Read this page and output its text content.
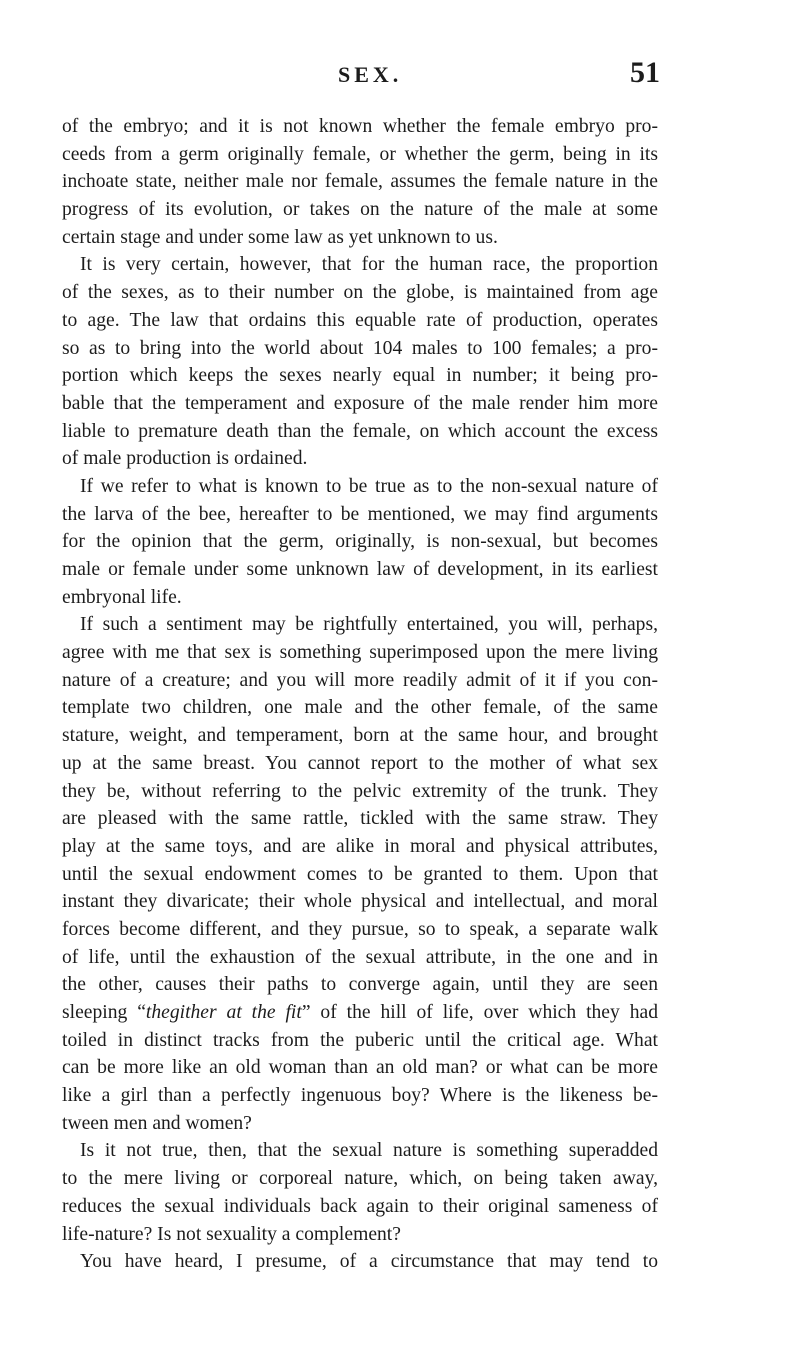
SEX.	51
of the embryo; and it is not known whether the female embryo pro-
ceeds from a germ originally female, or whether the germ, being in its
inchoate state, neither male nor female, assumes the female nature in the
progress of its evolution, or takes on the nature of the male at some
certain stage and under some law as yet unknown to us.
It is very certain, however, that for the human race, the proportion
of the sexes, as to their number on the globe, is maintained from age
to age. The law that ordains this equable rate of production, operates
so as to bring into the world about 104 males to 100 females; a pro-
portion which keeps the sexes nearly equal in number; it being pro-
bable that the temperament and exposure of the male render him more
liable to premature death than the female, on which account the excess
of male production is ordained.
If we refer to what is known to be true as to the non-sexual nature of
the larva of the bee, hereafter to be mentioned, we may find arguments
for the opinion that the germ, originally, is non-sexual, but becomes
male or female under some unknown law of development, in its earliest
embryonal life.
If such a sentiment may be rightfully entertained, you will, perhaps,
agree with me that sex is something superimposed upon the mere living
nature of a creature; and you will more readily admit of it if you con-
template two children, one male and the other female, of the same
stature, weight, and temperament, born at the same hour, and brought
up at the same breast. You cannot report to the mother of what sex
they be, without referring to the pelvic extremity of the trunk. They
are pleased with the same rattle, tickled with the same straw. They
play at the same toys, and are alike in moral and physical attributes,
until the sexual endowment comes to be granted to them. Upon that
instant they divaricate; their whole physical and intellectual, and moral
forces become different, and they pursue, so to speak, a separate walk
of life, until the exhaustion of the sexual attribute, in the one and in
the other, causes their paths to converge again, until they are seen
sleeping “thegither at the fit” of the hill of life, over which they had
toiled in distinct tracks from the puberic until the critical age. What
can be more like an old woman than an old man? or what can be more
like a girl than a perfectly ingenuous boy? Where is the likeness be-
tween men and women?
Is it not true, then, that the sexual nature is something superadded
to the mere living or corporeal nature, which, on being taken away,
reduces the sexual individuals back again to their original sameness of
life-nature? Is not sexuality a complement?
You have heard, I presume, of a circumstance that may tend to
